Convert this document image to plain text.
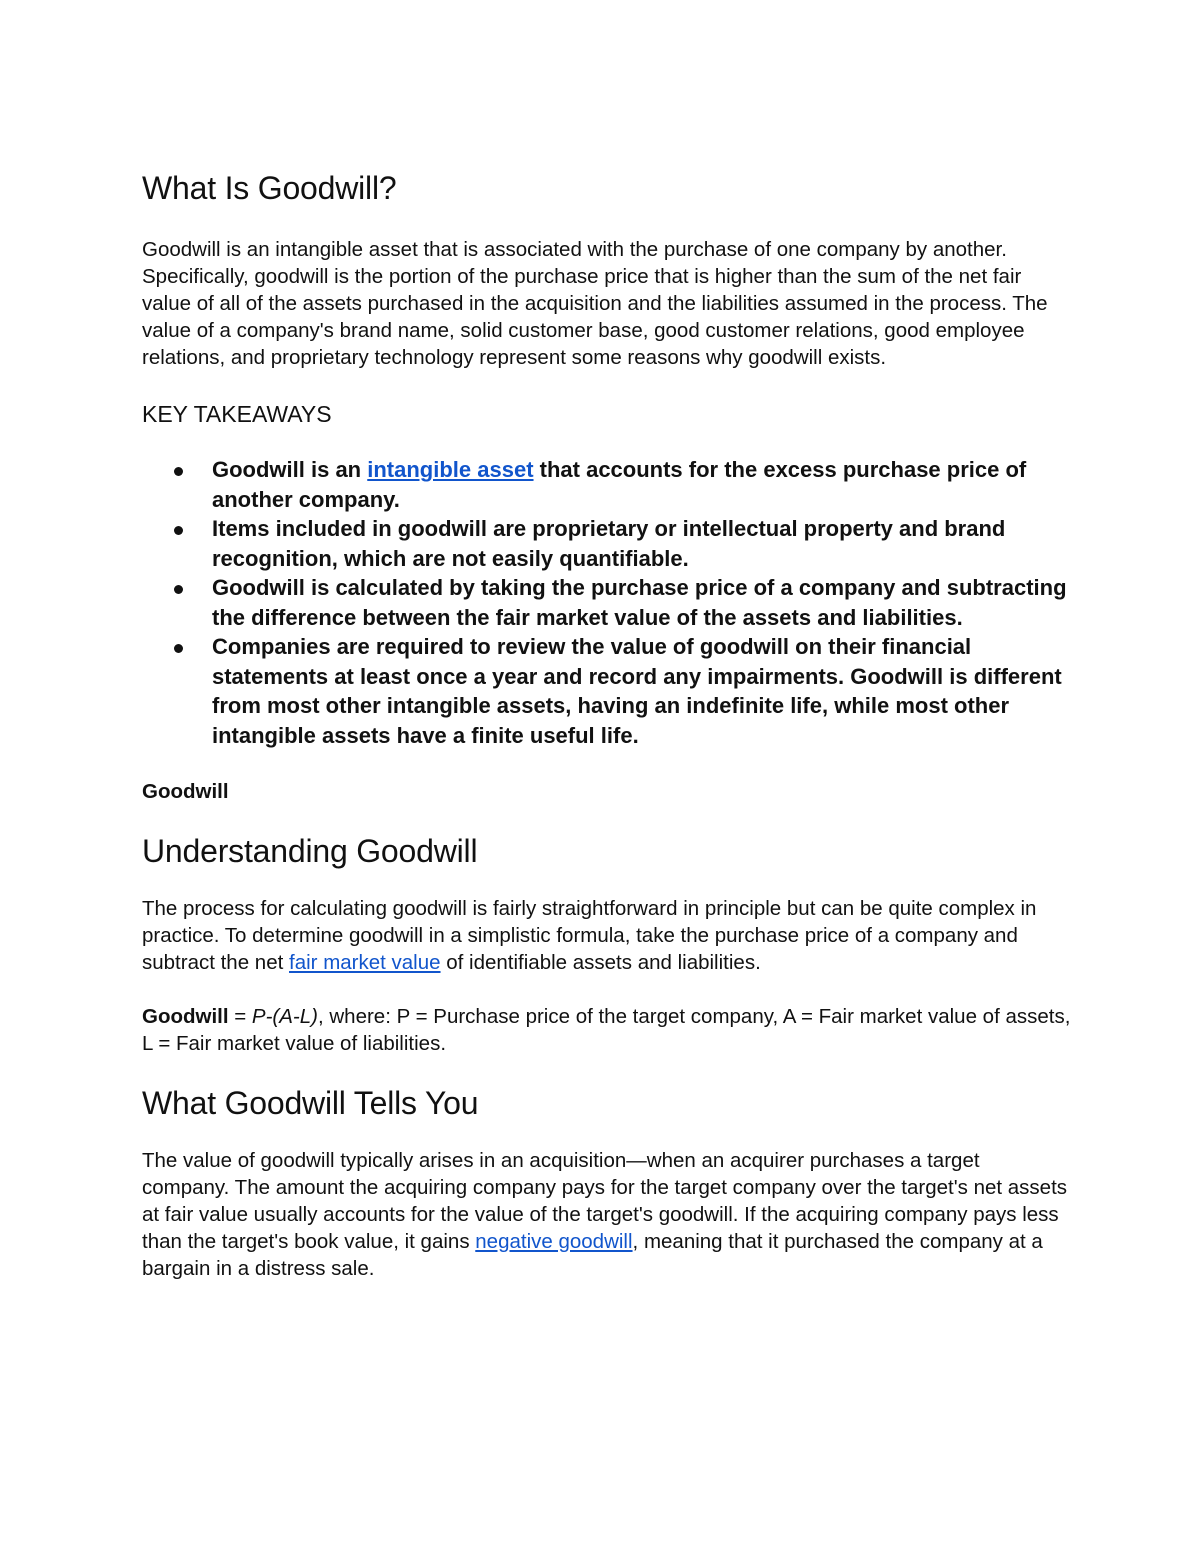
What Is Goodwill?

Goodwill is an intangible asset that is associated with the purchase of one company by another. Specifically, goodwill is the portion of the purchase price that is higher than the sum of the net fair value of all of the assets purchased in the acquisition and the liabilities assumed in the process. The value of a company's brand name, solid customer base, good customer relations, good employee relations, and proprietary technology represent some reasons why goodwill exists.

KEY TAKEAWAYS

Goodwill is an intangible asset that accounts for the excess purchase price of another company.
Items included in goodwill are proprietary or intellectual property and brand recognition, which are not easily quantifiable.
Goodwill is calculated by taking the purchase price of a company and subtracting the difference between the fair market value of the assets and liabilities.
Companies are required to review the value of goodwill on their financial statements at least once a year and record any impairments. Goodwill is different from most other intangible assets, having an indefinite life, while most other intangible assets have a finite useful life.

Goodwill

Understanding Goodwill

The process for calculating goodwill is fairly straightforward in principle but can be quite complex in practice. To determine goodwill in a simplistic formula, take the purchase price of a company and subtract the net fair market value of identifiable assets and liabilities.

Goodwill = P-(A-L), where: P = Purchase price of the target company, A = Fair market value of assets, L = Fair market value of liabilities.

What Goodwill Tells You

The value of goodwill typically arises in an acquisition—when an acquirer purchases a target company. The amount the acquiring company pays for the target company over the target's net assets at fair value usually accounts for the value of the target's goodwill. If the acquiring company pays less than the target's book value, it gains negative goodwill, meaning that it purchased the company at a bargain in a distress sale.
